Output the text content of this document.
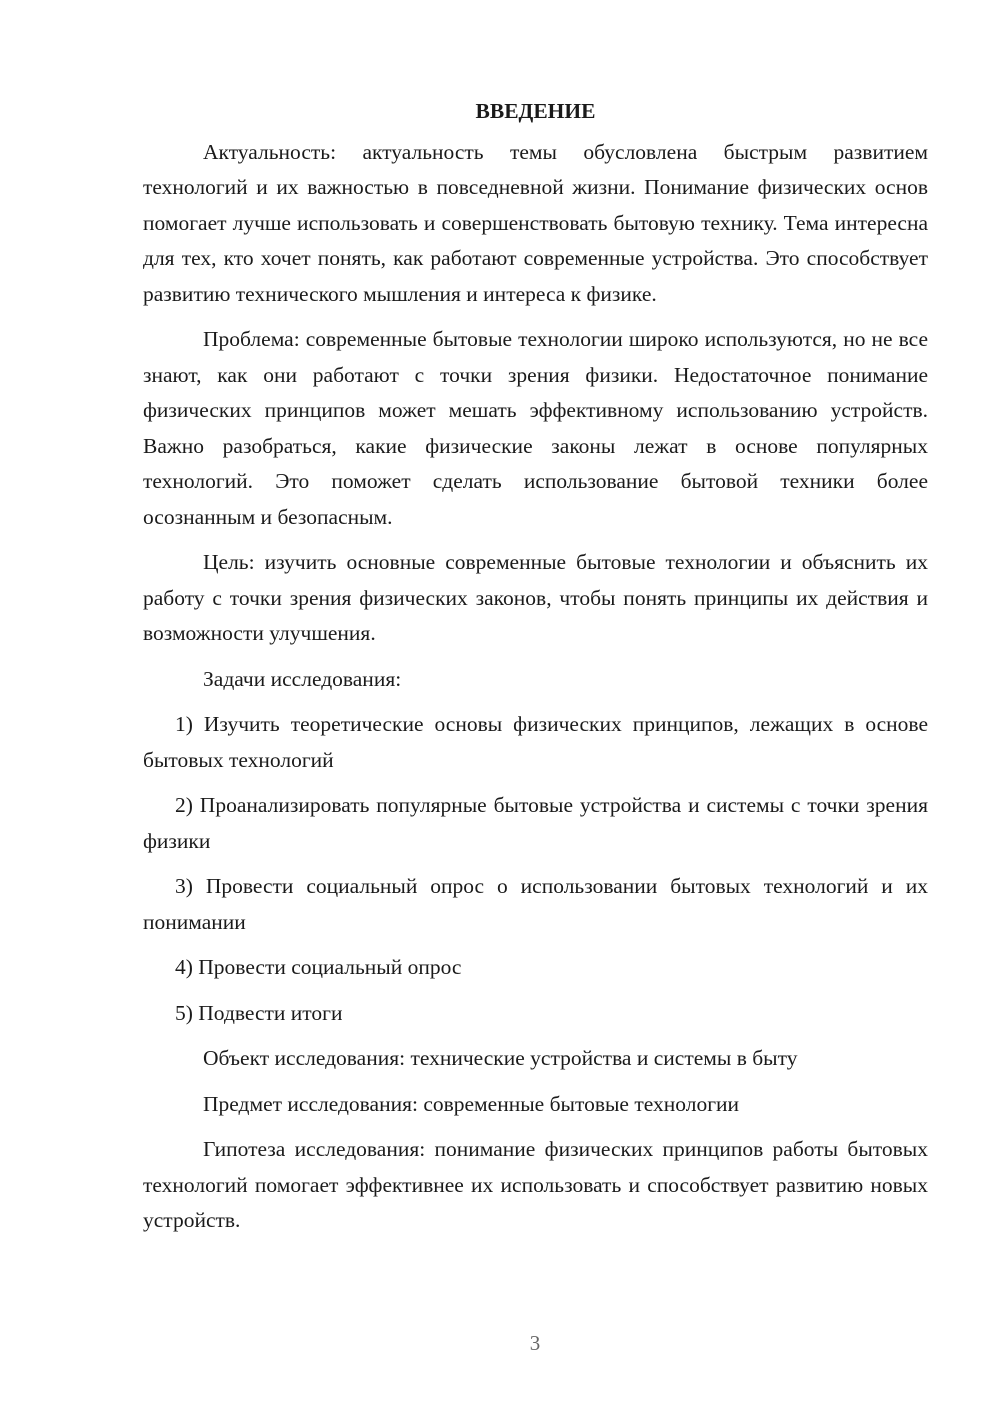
ВВЕДЕНИЕ

Актуальность: актуальность темы обусловлена быстрым развитием технологий и их важностью в повседневной жизни. Понимание физических основ помогает лучше использовать и совершенствовать бытовую технику. Тема интересна для тех, кто хочет понять, как работают современные устройства. Это способствует развитию технического мышления и интереса к физике.

Проблема: современные бытовые технологии широко используются, но не все знают, как они работают с точки зрения физики. Недостаточное понимание физических принципов может мешать эффективному использованию устройств. Важно разобраться, какие физические законы лежат в основе популярных технологий. Это поможет сделать использование бытовой техники более осознанным и безопасным.

Цель: изучить основные современные бытовые технологии и объяснить их работу с точки зрения физических законов, чтобы понять принципы их действия и возможности улучшения.

Задачи исследования:

1) Изучить теоретические основы физических принципов, лежащих в основе бытовых технологий

2) Проанализировать популярные бытовые устройства и системы с точки зрения физики

3) Провести социальный опрос о использовании бытовых технологий и их понимании

4) Провести социальный опрос

5) Подвести итоги

Объект исследования: технические устройства и системы в быту

Предмет исследования: современные бытовые технологии

Гипотеза исследования: понимание физических принципов работы бытовых технологий помогает эффективнее их использовать и способствует развитию новых устройств.

3
